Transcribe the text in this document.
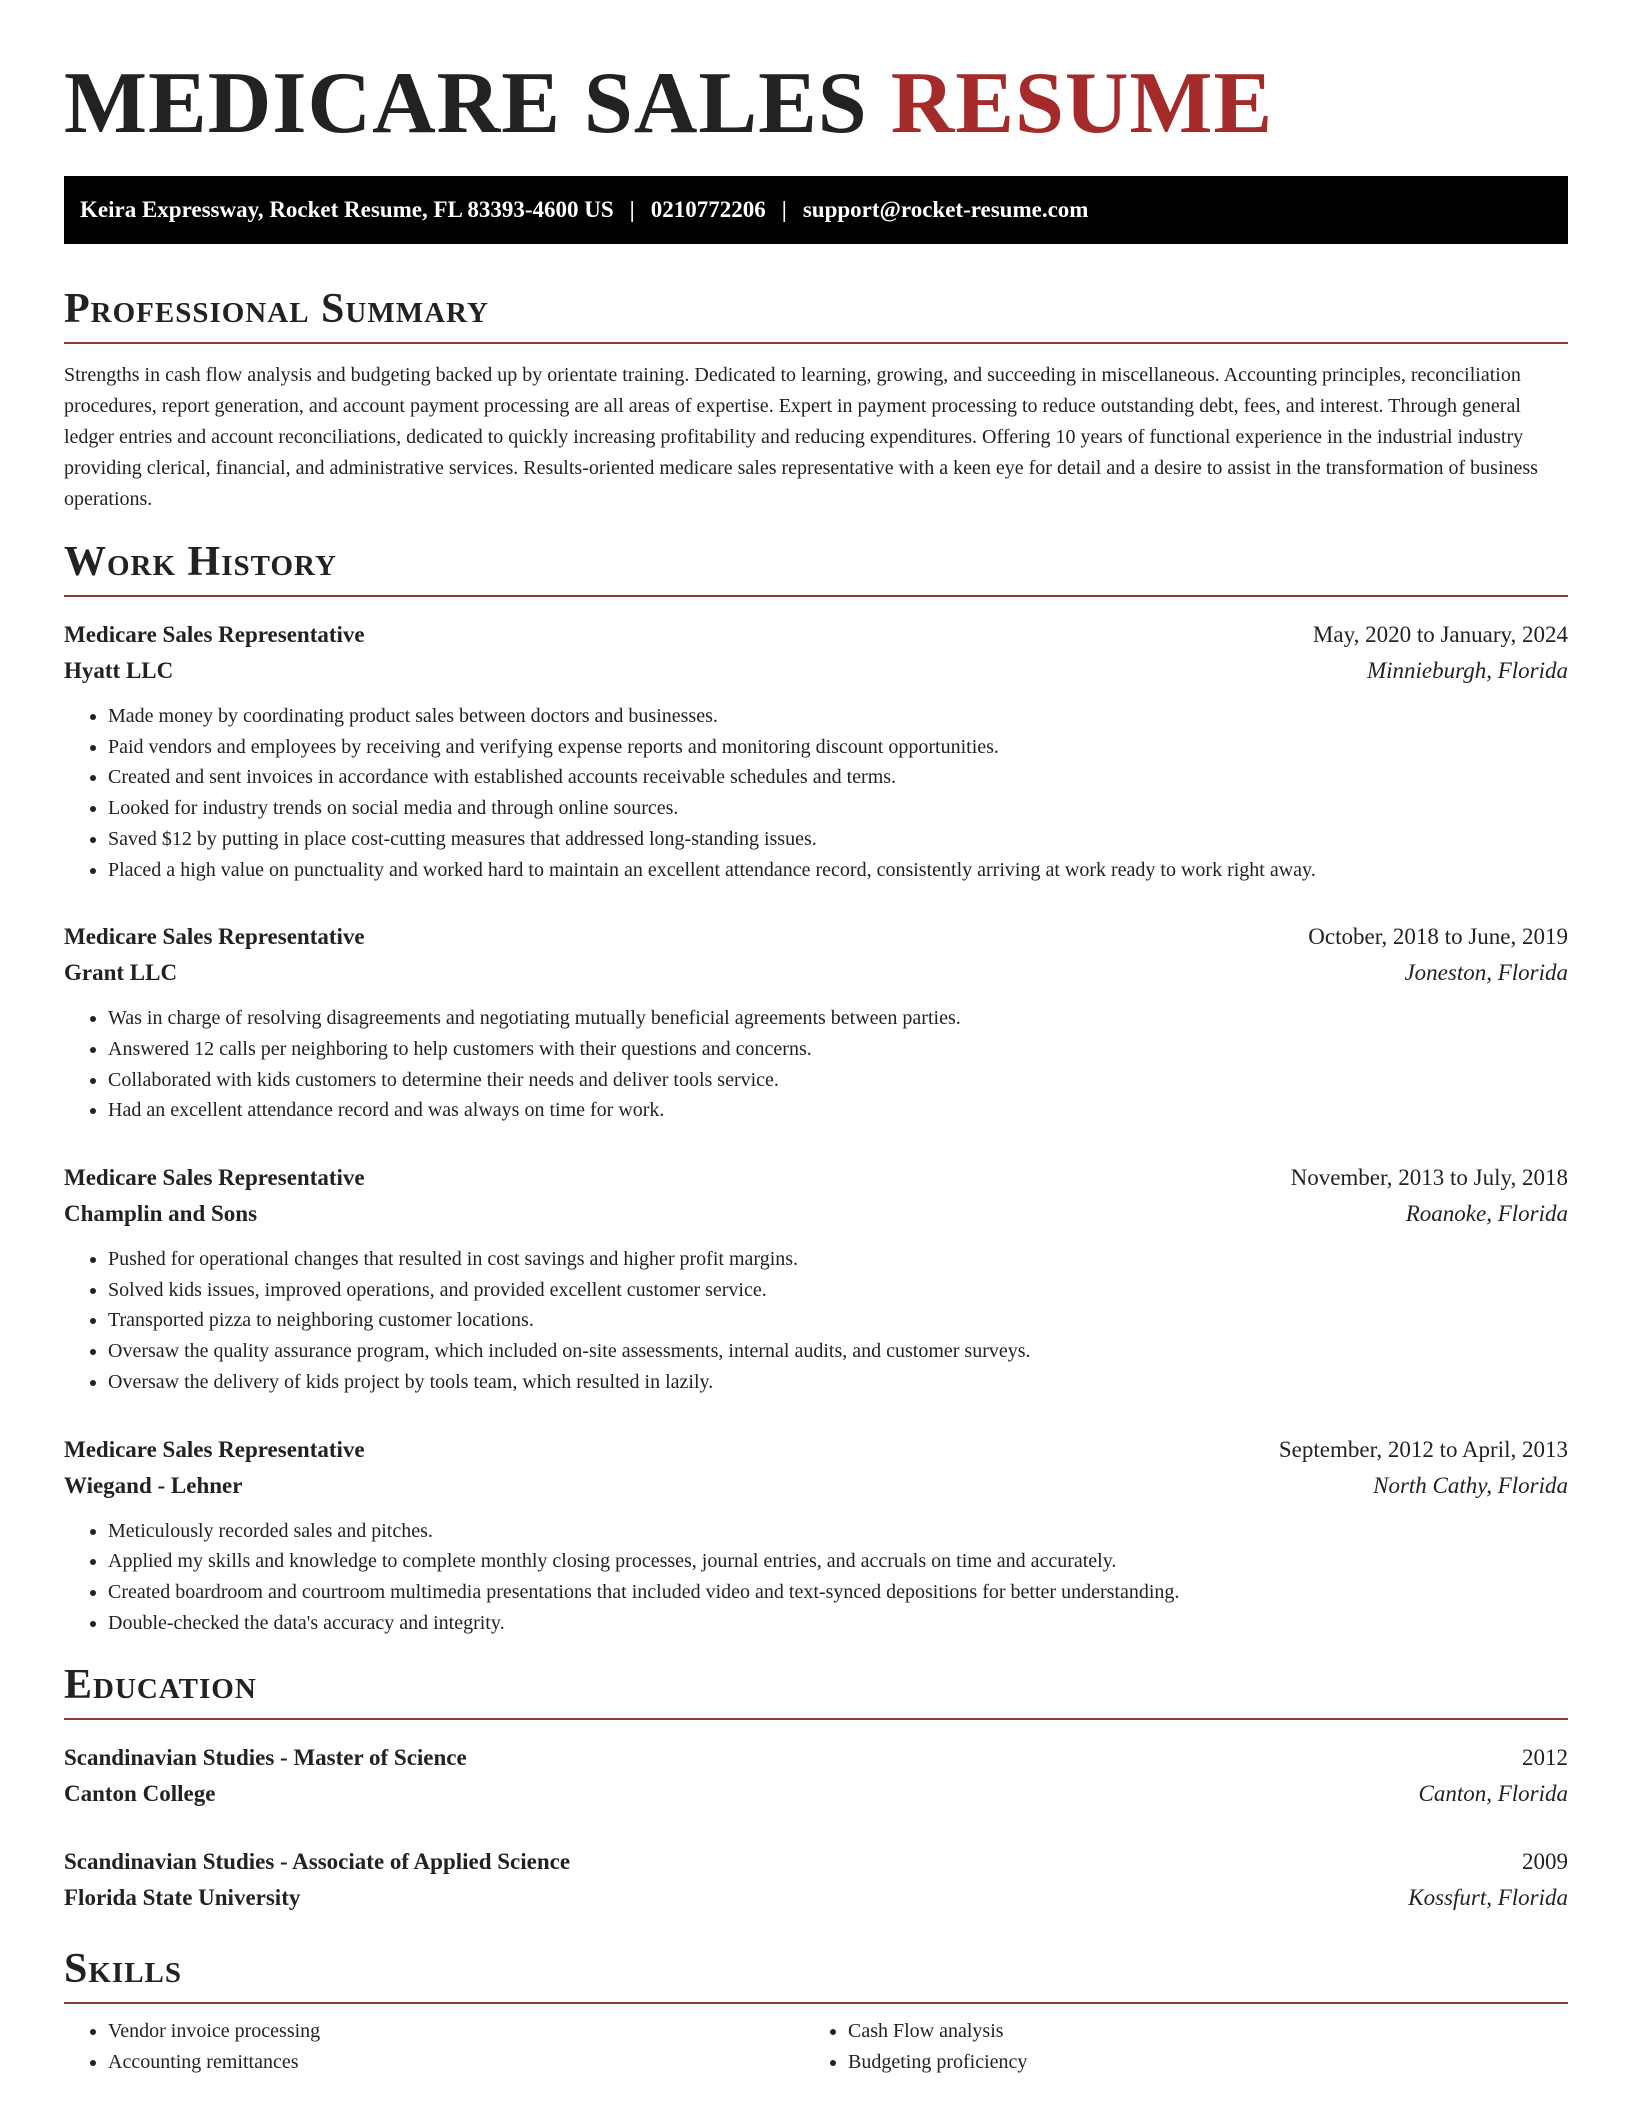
MEDICARE SALES RESUME
Keira Expressway, Rocket Resume, FL 83393-4600 US | 0210772206 | support@rocket-resume.com
Professional Summary

Strengths in cash flow analysis and budgeting backed up by orientate training. Dedicated to learning, growing, and succeeding in miscellaneous. Accounting principles, reconciliation procedures, report generation, and account payment processing are all areas of expertise. Expert in payment processing to reduce outstanding debt, fees, and interest. Through general ledger entries and account reconciliations, dedicated to quickly increasing profitability and reducing expenditures. Offering 10 years of functional experience in the industrial industry providing clerical, financial, and administrative services. Results-oriented medicare sales representative with a keen eye for detail and a desire to assist in the transformation of business operations.

Work History
Medicare Sales Representative	May, 2020 to January, 2024
Hyatt LLC	Minnieburgh, Florida
• Made money by coordinating product sales between doctors and businesses.
• Paid vendors and employees by receiving and verifying expense reports and monitoring discount opportunities.
• Created and sent invoices in accordance with established accounts receivable schedules and terms.
• Looked for industry trends on social media and through online sources.
• Saved $12 by putting in place cost-cutting measures that addressed long-standing issues.
• Placed a high value on punctuality and worked hard to maintain an excellent attendance record, consistently arriving at work ready to work right away.
Medicare Sales Representative	October, 2018 to June, 2019
Grant LLC	Joneston, Florida
• Was in charge of resolving disagreements and negotiating mutually beneficial agreements between parties.
• Answered 12 calls per neighboring to help customers with their questions and concerns.
• Collaborated with kids customers to determine their needs and deliver tools service.
• Had an excellent attendance record and was always on time for work.
Medicare Sales Representative	November, 2013 to July, 2018
Champlin and Sons	Roanoke, Florida
• Pushed for operational changes that resulted in cost savings and higher profit margins.
• Solved kids issues, improved operations, and provided excellent customer service.
• Transported pizza to neighboring customer locations.
• Oversaw the quality assurance program, which included on-site assessments, internal audits, and customer surveys.
• Oversaw the delivery of kids project by tools team, which resulted in lazily.
Medicare Sales Representative	September, 2012 to April, 2013
Wiegand - Lehner	North Cathy, Florida
• Meticulously recorded sales and pitches.
• Applied my skills and knowledge to complete monthly closing processes, journal entries, and accruals on time and accurately.
• Created boardroom and courtroom multimedia presentations that included video and text-synced depositions for better understanding.
• Double-checked the data's accuracy and integrity.
Education
Scandinavian Studies - Master of Science	2012
Canton College	Canton, Florida
Scandinavian Studies - Associate of Applied Science	2009
Florida State University	Kossfurt, Florida
Skills
• Vendor invoice processing
• Accounting remittances
• Cash Flow analysis
• Budgeting proficiency
